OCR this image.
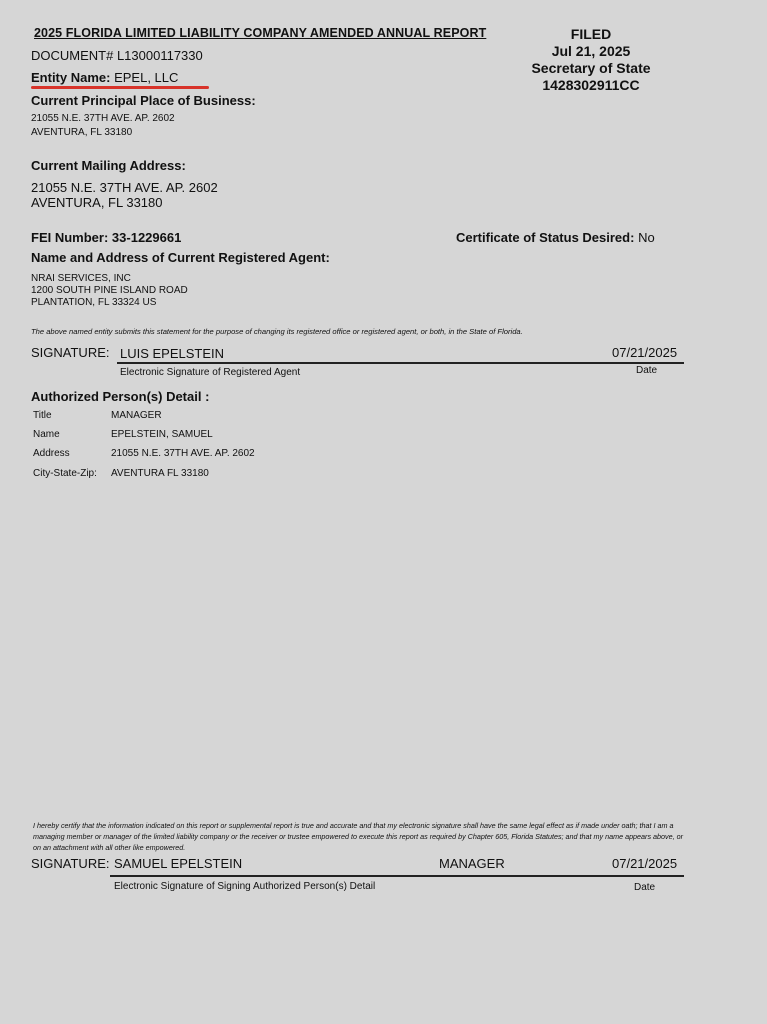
2025 FLORIDA LIMITED LIABILITY COMPANY AMENDED ANNUAL REPORT	FILED
Jul 21, 2025
Secretary of State
1428302911CC
DOCUMENT# L13000117330
Entity Name: EPEL, LLC
Current Principal Place of Business:
21055 N.E. 37TH AVE. AP. 2602
AVENTURA, FL 33180
Current Mailing Address:
21055 N.E. 37TH AVE. AP. 2602
AVENTURA, FL 33180
FEI Number: 33-1229661	Certificate of Status Desired: No
Name and Address of Current Registered Agent:
NRAI SERVICES, INC
1200 SOUTH PINE ISLAND ROAD
PLANTATION, FL 33324 US
The above named entity submits this statement for the purpose of changing its registered office or registered agent, or both, in the State of Florida.
SIGNATURE: LUIS EPELSTEIN	07/21/2025
Electronic Signature of Registered Agent	Date
Authorized Person(s) Detail :
Title	MANAGER
Name	EPELSTEIN, SAMUEL
Address	21055 N.E. 37TH AVE. AP. 2602
City-State-Zip: AVENTURA FL 33180
I hereby certify that the information indicated on this report or supplemental report is true and accurate and that my electronic signature shall have the same legal effect as if made under oath; that I am a managing member or manager of the limited liability company or the receiver or trustee empowered to execute this report as required by Chapter 605, Florida Statutes; and that my name appears above, or on an attachment with all other like empowered.
SIGNATURE: SAMUEL EPELSTEIN	MANAGER	07/21/2025
Electronic Signature of Signing Authorized Person(s) Detail	Date
